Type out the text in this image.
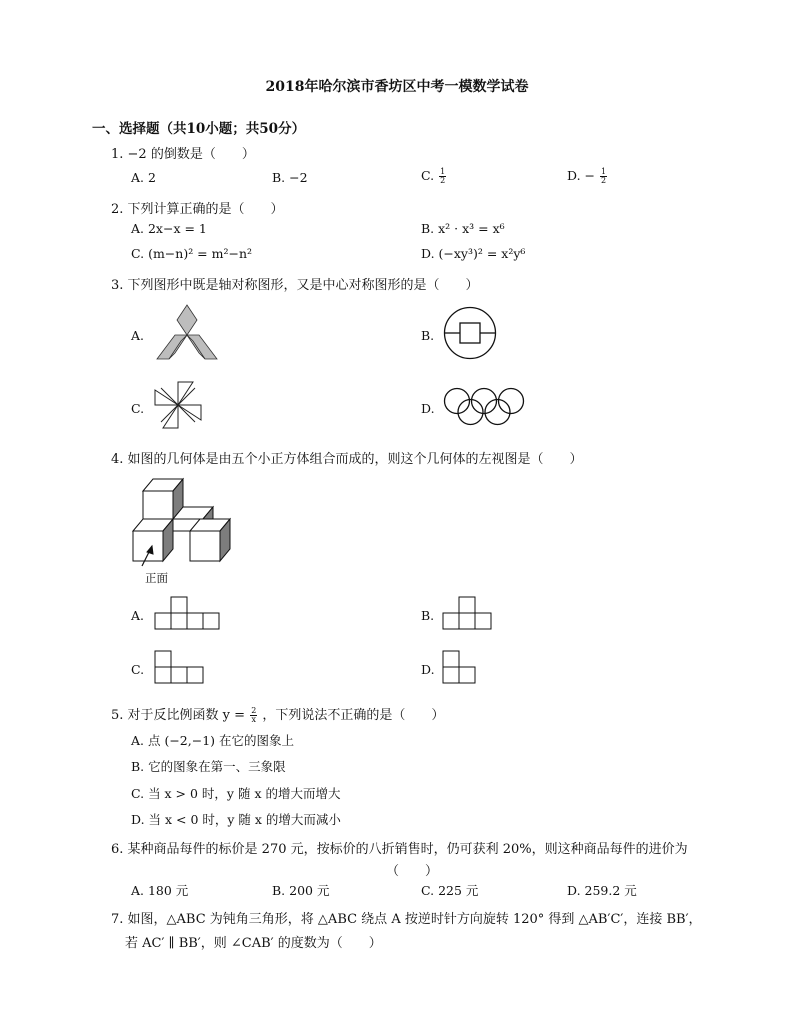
2018年哈尔滨市香坊区中考一模数学试卷
一、选择题（共10小题；共50分）
1. −2 的倒数是（　　）
A. 2	B. −2	C. $\frac{1}{2}$	D. − $\frac{1}{2}$
2. 下列计算正确的是（　　）
A. 2x−x = 1	B. x² · x³ = x⁶
C. (m−n)² = m²−n²	D. (−xy³)² = x²y⁶
3. 下列图形中既是轴对称图形，又是中心对称图形的是（　　）
A.	B.
C.	D.
4. 如图的几何体是由五个小正方体组合而成的，则这个几何体的左视图是（　　）
正面
A.	B.
C.	D.
5. 对于反比例函数 $y = \frac{2}{x}$ ，下列说法不正确的是（　　）
A. 点 (−2,−1) 在它的图象上
B. 它的图象在第一、三象限
C. 当 x > 0 时，y 随 x 的增大而增大
D. 当 x < 0 时，y 随 x 的增大而减小
6. 某种商品每件的标价是 270 元，按标价的八折销售时，仍可获利 20%，则这种商品每件的进价为
（　　）
A. 180 元	B. 200 元	C. 225 元	D. 259.2 元
7. 如图，△ABC 为钝角三角形，将 △ABC 绕点 A 按逆时针方向旋转 120° 得到 △AB′C′，连接 BB′，
若 AC′ ∥ BB′，则 ∠CAB′ 的度数为（　　）
